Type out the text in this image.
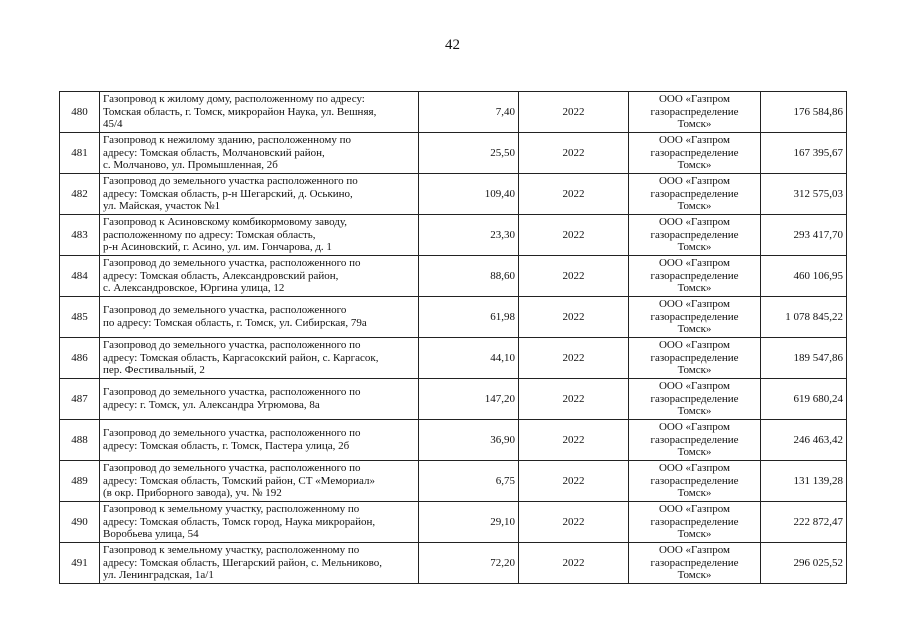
42
480	Газопровод к жилому дому, расположенному по адресу:
Томская область, г. Томск, микрорайон Наука, ул. Вешняя,
45/4	7,40	2022	ООО «Газпром
газораспределение
Томск»	176 584,86
481	Газопровод к нежилому зданию, расположенному по
адресу: Томская область, Молчановский район,
с. Молчаново, ул. Промышленная, 2б	25,50	2022	ООО «Газпром
газораспределение
Томск»	167 395,67
482	Газопровод до земельного участка расположенного по
адресу: Томская область, р-н Шегарский, д. Оськино,
ул. Майская, участок №1	109,40	2022	ООО «Газпром
газораспределение
Томск»	312 575,03
483	Газопровод к Асиновскому комбикормовому заводу,
расположенному по адресу: Томская область,
р-н Асиновский, г. Асино, ул. им. Гончарова, д. 1	23,30	2022	ООО «Газпром
газораспределение
Томск»	293 417,70
484	Газопровод до земельного участка, расположенного по
адресу: Томская область, Александровский район,
с. Александровское, Юргина улица, 12	88,60	2022	ООО «Газпром
газораспределение
Томск»	460 106,95
485	Газопровод до земельного участка, расположенного
по адресу: Томская область, г. Томск, ул. Сибирская, 79а	61,98	2022	ООО «Газпром
газораспределение
Томск»	1 078 845,22
486	Газопровод до земельного участка, расположенного по
адресу: Томская область, Каргасокский район, с. Каргасок,
пер. Фестивальный, 2	44,10	2022	ООО «Газпром
газораспределение
Томск»	189 547,86
487	Газопровод до земельного участка, расположенного по
адресу: г. Томск, ул. Александра Угрюмова, 8а	147,20	2022	ООО «Газпром
газораспределение
Томск»	619 680,24
488	Газопровод до земельного участка, расположенного по
адресу: Томская область, г. Томск, Пастера улица, 2б	36,90	2022	ООО «Газпром
газораспределение
Томск»	246 463,42
489	Газопровод до земельного участка, расположенного по
адресу: Томская область, Томский район, СТ «Мемориал»
(в окр. Приборного завода), уч. № 192	6,75	2022	ООО «Газпром
газораспределение
Томск»	131 139,28
490	Газопровод к земельному участку, расположенному по
адресу: Томская область, Томск город, Наука микрорайон,
Воробьева улица, 54	29,10	2022	ООО «Газпром
газораспределение
Томск»	222 872,47
491	Газопровод к земельному участку, расположенному по
адресу: Томская область, Шегарский район, с. Мельниково,
ул. Ленинградская, 1а/1	72,20	2022	ООО «Газпром
газораспределение
Томск»	296 025,52
